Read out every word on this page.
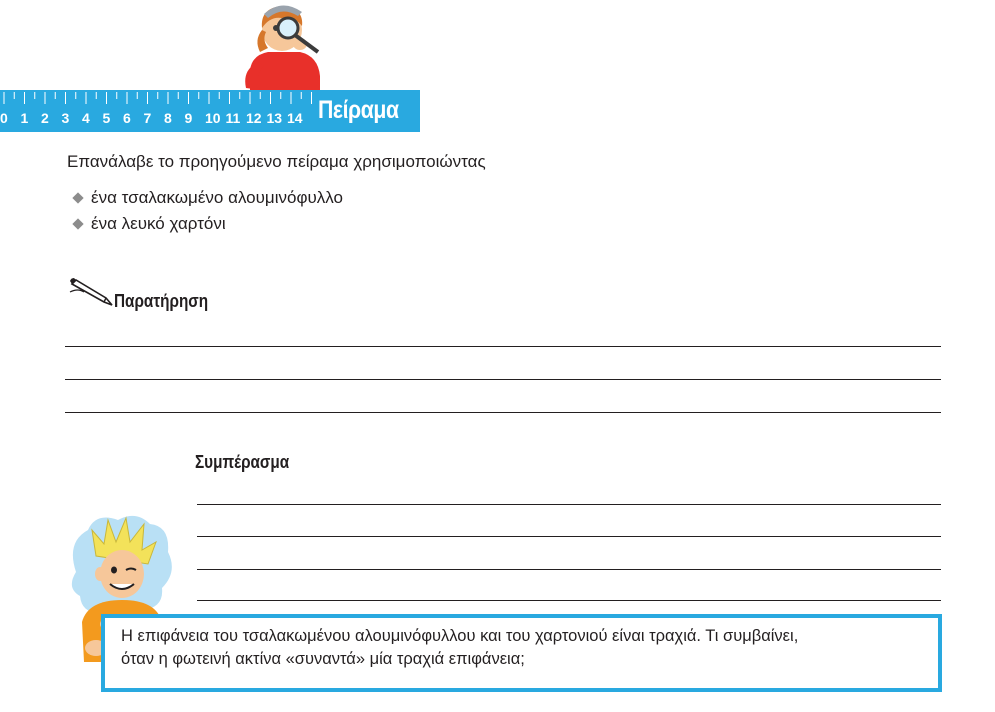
0 1 2 3 4 5 6 7 8 9 10 11 12 13 14 Πείραμα
Επανάλαβε το προηγούμενο πείραμα χρησιμοποιώντας
ένα τσαλακωμένο αλουμινόφυλλο
ένα λευκό χαρτόνι
Παρατήρηση
Συμπέρασμα
Η επιφάνεια του τσαλακωμένου αλουμινόφυλλου και του χαρτονιού είναι τραχιά. Τι συμβαίνει,
όταν η φωτεινή ακτίνα «συναντά» μία τραχιά επιφάνεια;
